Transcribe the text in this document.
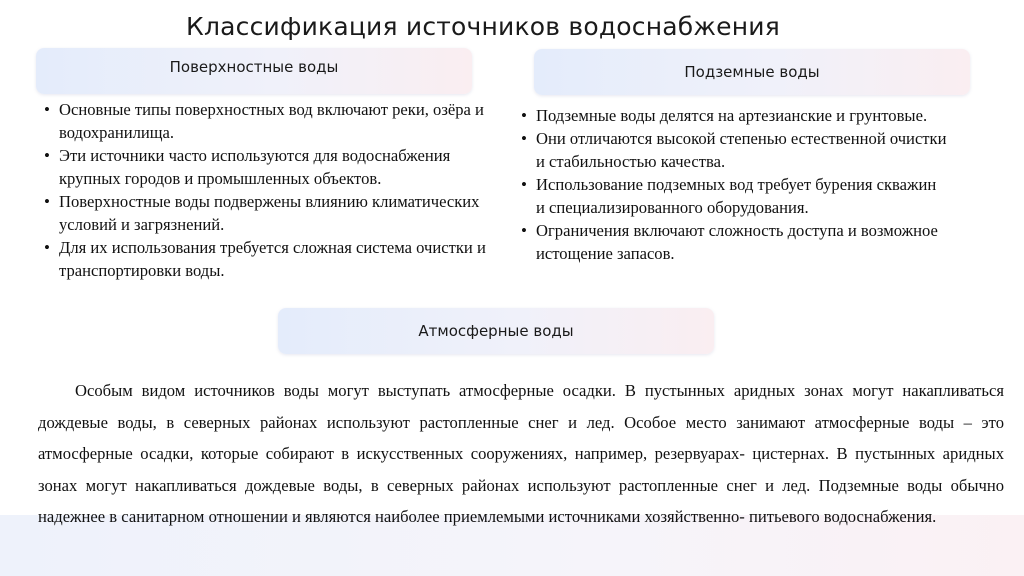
Классификация источников водоснабжения
Поверхностные воды	Подземные воды
• Основные типы поверхностных вод включают реки, озёра и водохранилища.
• Эти источники часто используются для водоснабжения крупных городов и промышленных объектов.
• Поверхностные воды подвержены влиянию климатических условий и загрязнений.
• Для их использования требуется сложная система очистки и транспортировки воды.
• Подземные воды делятся на артезианские и грунтовые.
• Они отличаются высокой степенью естественной очистки и стабильностью качества.
• Использование подземных вод требует бурения скважин и специализированного оборудования.
• Ограничения включают сложность доступа и возможное истощение запасов.
Атмосферные воды

Особым видом источников воды могут выступать атмосферные осадки. В пустынных аридных зонах могут накапливаться дождевые воды, в северных районах используют растопленные снег и лед. Особое место занимают атмосферные воды – это атмосферные осадки, которые собирают в искусственных сооружениях, например, резервуарах- цистернах. В пустынных аридных зонах могут накапливаться дождевые воды, в северных районах используют растопленные снег и лед. Подземные воды обычно надежнее в санитарном отношении и являются наиболее приемлемыми источниками хозяйственно- питьевого водоснабжения.
